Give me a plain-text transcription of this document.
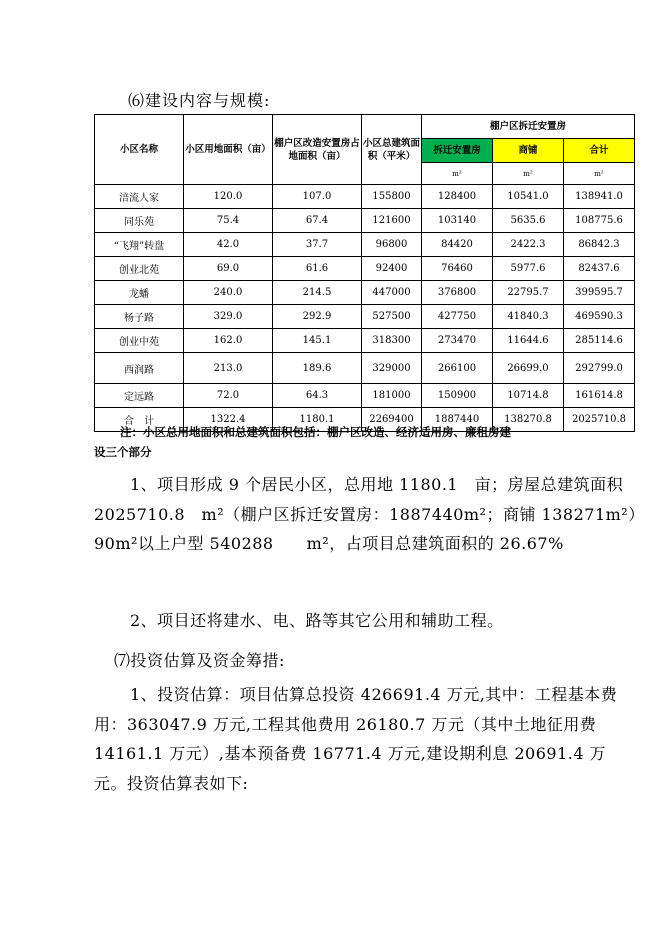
⑹建设内容与规模:
小区名称	小区用地面积（亩）	棚户区改造安置房占地面积（亩）	小区总建筑面积（平米）	棚户区拆迁安置房		
				拆迁安置房	商铺	合计
				m²	m²	m²
涪流人家	120.0	107.0	155800	128400	10541.0	138941.0
同乐苑	75.4	67.4	121600	103140	5635.6	108775.6
“飞翔”转盘	42.0	37.7	96800	84420	2422.3	86842.3
创业北苑	69.0	61.6	92400	76460	5977.6	82437.6
龙蟠	240.0	214.5	447000	376800	22795.7	399595.7
杨子路	329.0	292.9	527500	427750	41840.3	469590.3
创业中苑	162.0	145.1	318300	273470	11644.6	285114.6
西润路	213.0	189.6	329000	266100	26699.0	292799.0
定远路	72.0	64.3	181000	150900	10714.8	161614.8
合　计	1322.4	1180.1	2269400	1887440	138270.8	2025710.8
注：小区总用地面积和总建筑面积包括：棚户区改造、经济适用房、廉租房建
设三个部分
1、项目形成 9 个居民小区，总用地 1180.1　亩；房屋总建筑面积 2025710.8　m²（棚户区拆迁安置房：1887440m²；商铺 138271m²）90m²以上户型 540288　　m²，占项目总建筑面积的 26.67%
2、项目还将建水、电、路等其它公用和辅助工程。
⑺投资估算及资金筹措:
1、投资估算：项目估算总投资 426691.4 万元,其中：工程基本费用：363047.9 万元,工程其他费用 26180.7 万元（其中土地征用费 14161.1 万元）,基本预备费 16771.4 万元,建设期利息 20691.4 万元。投资估算表如下:
